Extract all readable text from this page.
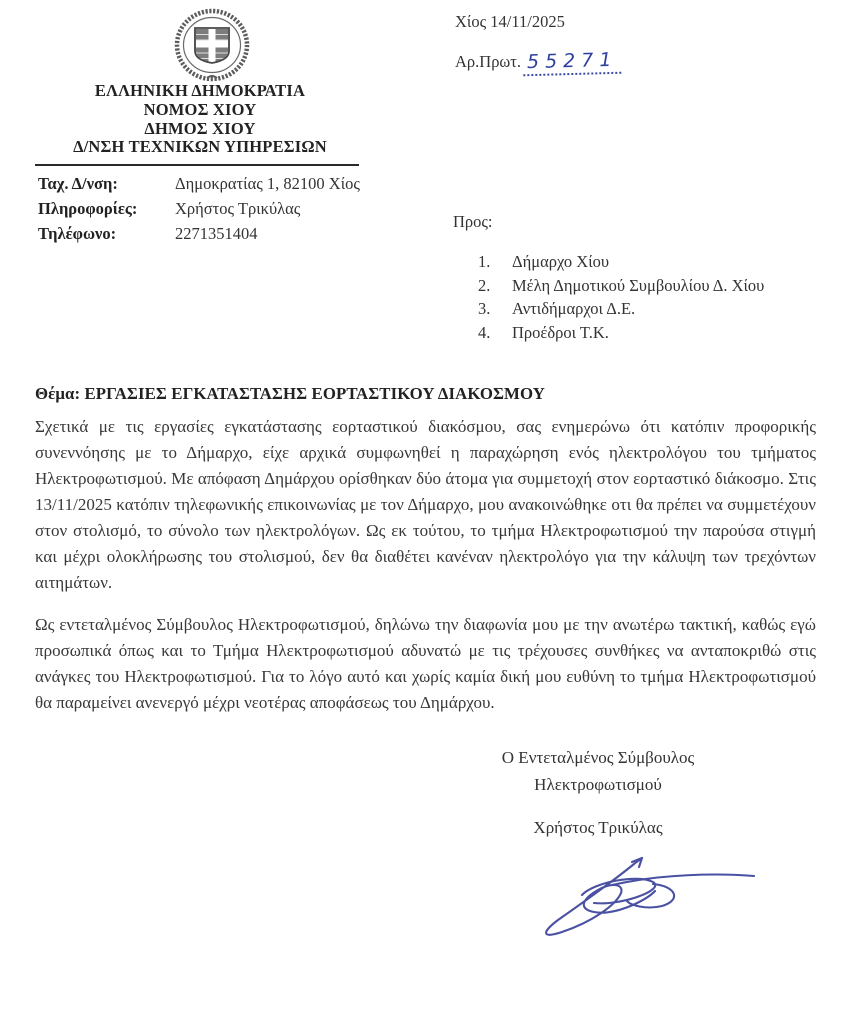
ΕΛΛΗΝΙΚΗ ΔΗΜΟΚΡΑΤΙΑ
ΝΟΜΟΣ ΧΙΟΥ
ΔΗΜΟΣ ΧΙΟΥ
Δ/ΝΣΗ ΤΕΧΝΙΚΩΝ ΥΠΗΡΕΣΙΩΝ
Ταχ. Δ/νση:	Δημοκρατίας 1, 82100 Χίος
Πληροφορίες:	Χρήστος Τρικύλας
Τηλέφωνο:	2271351404
Χίος 14/11/2025
Αρ.Πρωτ. 55271
Προς:
1.	Δήμαρχο Χίου
2.	Μέλη Δημοτικού Συμβουλίου Δ. Χίου
3.	Αντιδήμαρχοι Δ.Ε.
4.	Προέδροι Τ.Κ.
Θέμα: ΕΡΓΑΣΙΕΣ ΕΓΚΑΤΑΣΤΑΣΗΣ ΕΟΡΤΑΣΤΙΚΟΥ ΔΙΑΚΟΣΜΟΥ

Σχετικά με τις εργασίες εγκατάστασης εορταστικού διακόσμου, σας ενημερώνω ότι κατόπιν προφορικής συνεννόησης με το Δήμαρχο, είχε αρχικά συμφωνηθεί η παραχώρηση ενός ηλεκτρολόγου του τμήματος Ηλεκτροφωτισμού. Με απόφαση Δημάρχου ορίσθηκαν δύο άτομα για συμμετοχή στον εορταστικό διάκοσμο. Στις 13/11/2025 κατόπιν τηλεφωνικής επικοινωνίας με τον Δήμαρχο, μου ανακοινώθηκε οτι θα πρέπει να συμμετέχουν στον στολισμό, το σύνολο των ηλεκτρολόγων. Ως εκ τούτου, το τμήμα Ηλεκτροφωτισμού την παρούσα στιγμή και μέχρι ολοκλήρωσης του στολισμού, δεν θα διαθέτει κανέναν ηλεκτρολόγο για την κάλυψη των τρεχόντων αιτημάτων.

Ως εντεταλμένος Σύμβουλος Ηλεκτροφωτισμού, δηλώνω την διαφωνία μου με την ανωτέρω τακτική, καθώς εγώ προσωπικά όπως και το Τμήμα Ηλεκτροφωτισμού αδυνατώ με τις τρέχουσες συνθήκες να ανταποκριθώ στις ανάγκες του Ηλεκτροφωτισμού. Για το λόγο αυτό και χωρίς καμία δική μου ευθύνη το τμήμα Ηλεκτροφωτισμού θα παραμείνει ανενεργό μέχρι νεοτέρας αποφάσεως του Δημάρχου.

Ο Εντεταλμένος Σύμβουλος
Ηλεκτροφωτισμού
Χρήστος Τρικύλας
